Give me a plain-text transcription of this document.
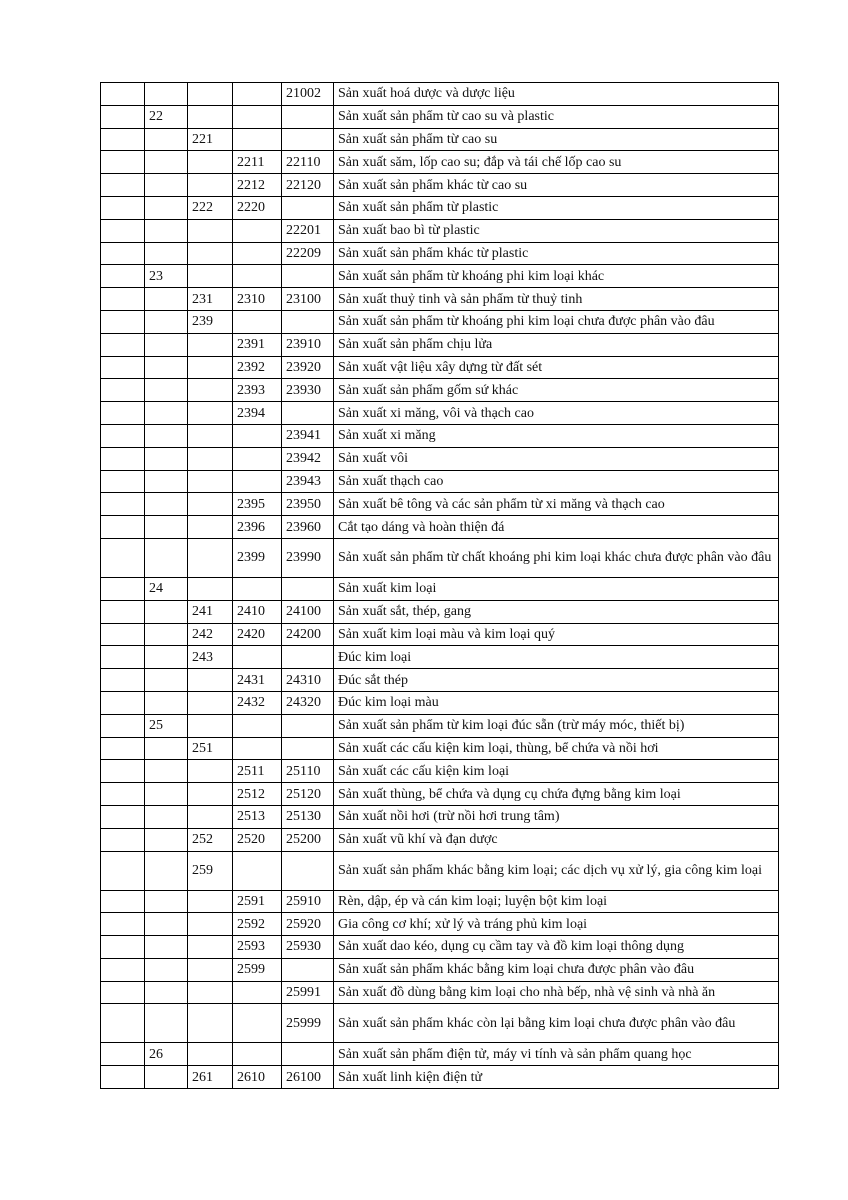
				21002	Sản xuất hoá dược và dược liệu
	22				Sản xuất sản phẩm từ cao su và plastic
		221			Sản xuất sản phẩm từ cao su
			2211	22110	Sản xuất săm, lốp cao su; đắp và tái chế lốp cao su
			2212	22120	Sản xuất sản phẩm khác từ cao su
		222	2220		Sản xuất sản phẩm từ plastic
				22201	Sản xuất bao bì từ plastic
				22209	Sản xuất sản phẩm khác từ plastic
	23				Sản xuất sản phẩm từ khoáng phi kim loại khác
		231	2310	23100	Sản xuất thuỷ tinh và sản phẩm từ thuỷ tinh
		239			Sản xuất sản phẩm từ khoáng phi kim loại chưa được phân vào đâu
			2391	23910	Sản xuất sản phẩm chịu lửa
			2392	23920	Sản xuất vật liệu xây dựng từ đất sét
			2393	23930	Sản xuất sản phẩm gốm sứ khác
			2394		Sản xuất xi măng, vôi và thạch cao
				23941	Sản xuất xi măng
				23942	Sản xuất vôi
				23943	Sản xuất thạch cao
			2395	23950	Sản xuất bê tông và các sản phẩm từ xi măng và thạch cao
			2396	23960	Cắt tạo dáng và hoàn thiện đá
			2399	23990	Sản xuất sản phẩm từ chất khoáng phi kim loại khác chưa được phân vào đâu
	24				Sản xuất kim loại
		241	2410	24100	Sản xuất sắt, thép, gang
		242	2420	24200	Sản xuất kim loại màu và kim loại quý
		243			Đúc kim loại
			2431	24310	Đúc sắt thép
			2432	24320	Đúc kim loại màu
	25				Sản xuất sản phẩm từ kim loại đúc sẵn (trừ máy móc, thiết bị)
		251			Sản xuất các cấu kiện kim loại, thùng, bể chứa và nồi hơi
			2511	25110	Sản xuất các cấu kiện kim loại
			2512	25120	Sản xuất thùng, bể chứa và dụng cụ chứa đựng bằng kim loại
			2513	25130	Sản xuất nồi hơi (trừ nồi hơi trung tâm)
		252	2520	25200	Sản xuất vũ khí và đạn dược
		259			Sản xuất sản phẩm khác bằng kim loại; các dịch vụ xử lý, gia công kim loại
			2591	25910	Rèn, dập, ép và cán kim loại; luyện bột kim loại
			2592	25920	Gia công cơ khí; xử lý và tráng phủ kim loại
			2593	25930	Sản xuất dao kéo, dụng cụ cầm tay và đồ kim loại thông dụng
			2599		Sản xuất sản phẩm khác bằng kim loại chưa được phân vào đâu
				25991	Sản xuất đồ dùng bằng kim loại cho nhà bếp, nhà vệ sinh và nhà ăn
				25999	Sản xuất sản phẩm khác còn lại bằng kim loại chưa được phân vào đâu
	26				Sản xuất sản phẩm điện tử, máy vi tính và sản phẩm quang học
		261	2610	26100	Sản xuất linh kiện điện tử
